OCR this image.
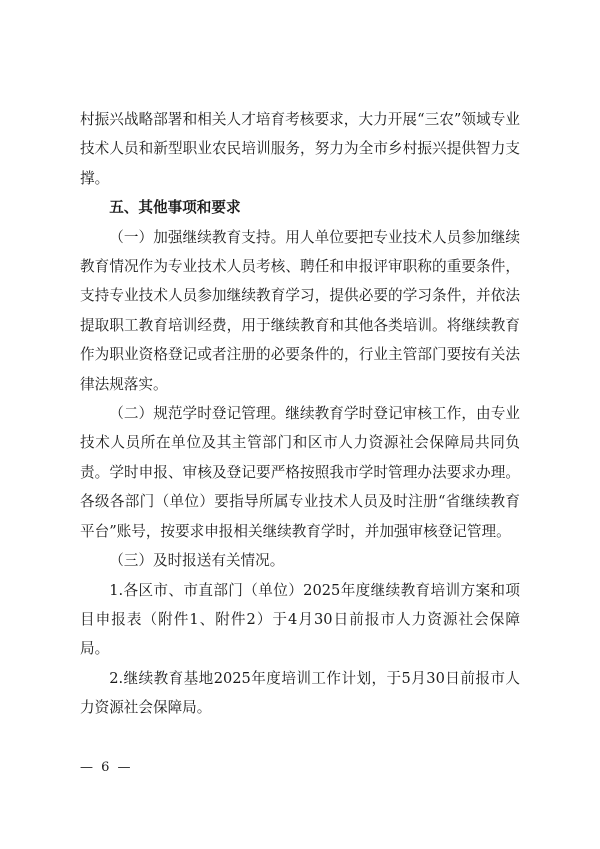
村振兴战略部署和相关人才培育考核要求，大力开展“三农”领域专业技术人员和新型职业农民培训服务，努力为全市乡村振兴提供智力支撑。

五、其他事项和要求

（一）加强继续教育支持。用人单位要把专业技术人员参加继续教育情况作为专业技术人员考核、聘任和申报评审职称的重要条件，支持专业技术人员参加继续教育学习，提供必要的学习条件，并依法提取职工教育培训经费，用于继续教育和其他各类培训。将继续教育作为职业资格登记或者注册的必要条件的，行业主管部门要按有关法律法规落实。

（二）规范学时登记管理。继续教育学时登记审核工作，由专业技术人员所在单位及其主管部门和区市人力资源社会保障局共同负责。学时申报、审核及登记要严格按照我市学时管理办法要求办理。各级各部门（单位）要指导所属专业技术人员及时注册“省继续教育平台”账号，按要求申报相关继续教育学时，并加强审核登记管理。

（三）及时报送有关情况。

1.各区市、市直部门（单位）2025年度继续教育培训方案和项目申报表（附件1、附件2）于4月30日前报市人力资源社会保障局。

2.继续教育基地2025年度培训工作计划，于5月30日前报市人力资源社会保障局。

— 6 —
